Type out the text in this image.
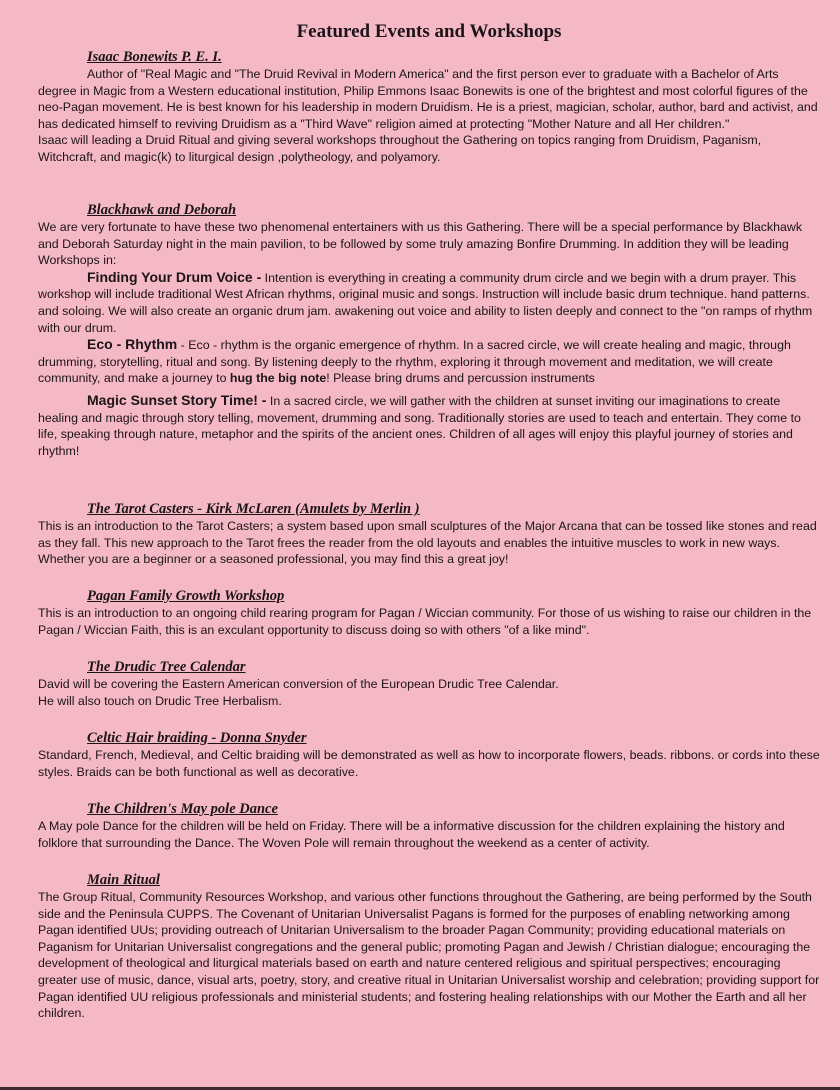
Featured Events and Workshops
Isaac Bonewits P. E. I.

Author of "Real Magic and "The Druid Revival in Modern America" and the first person ever to graduate with a Bachelor of Arts degree in Magic from a Western educational institution, Philip Emmons Isaac Bonewits is one of the brightest and most colorful figures of the neo-Pagan movement. He is best known for his leadership in modern Druidism. He is a priest, magician, scholar, author, bard and activist, and has dedicated himself to reviving Druidism as a "Third Wave" religion aimed at protecting "Mother Nature and all Her children."

Isaac will leading a Druid Ritual and giving several workshops throughout the Gathering on topics ranging from Druidism, Paganism, Witchcraft, and magic(k) to liturgical design ,polytheology, and polyamory.

Blackhawk and Deborah

We are very fortunate to have these two phenomenal entertainers with us this Gathering. There will be a special performance by Blackhawk and Deborah Saturday night in the main pavilion, to be followed by some truly amazing Bonfire Drumming. In addition they will be leading Workshops in:

Finding Your Drum Voice - Intention is everything in creating a community drum circle and we begin with a drum prayer. This workshop will include traditional West African rhythms, original music and songs. Instruction will include basic drum technique. hand patterns. and soloing. We will also create an organic drum jam. awakening out voice and ability to listen deeply and connect to the "on ramps of rhythm with our drum.

Eco - Rhythm - Eco - rhythm is the organic emergence of rhythm. In a sacred circle, we will create healing and magic, through drumming, storytelling, ritual and song. By listening deeply to the rhythm, exploring it through movement and meditation, we will create community, and make a journey to hug the big note! Please bring drums and percussion instruments

Magic Sunset Story Time! - In a sacred circle, we will gather with the children at sunset inviting our imaginations to create healing and magic through story telling, movement, drumming and song. Traditionally stories are used to teach and entertain. They come to life, speaking through nature, metaphor and the spirits of the ancient ones. Children of all ages will enjoy this playful journey of stories and rhythm!

The Tarot Casters - Kirk McLaren (Amulets by Merlin )

This is an introduction to the Tarot Casters; a system based upon small sculptures of the Major Arcana that can be tossed like stones and read as they fall. This new approach to the Tarot frees the reader from the old layouts and enables the intuitive muscles to work in new ways. Whether you are a beginner or a seasoned professional, you may find this a great joy!

Pagan Family Growth Workshop

This is an introduction to an ongoing child rearing program for Pagan / Wiccian community. For those of us wishing to raise our children in the Pagan / Wiccian Faith, this is an exculant opportunity to discuss doing so with others "of a like mind".

The Drudic Tree Calendar

David will be covering the Eastern American conversion of the European Drudic Tree Calendar.

He will also touch on Drudic Tree Herbalism.

Celtic Hair braiding - Donna Snyder

Standard, French, Medieval, and Celtic braiding will be demonstrated as well as how to incorporate flowers, beads. ribbons. or cords into these styles. Braids can be both functional as well as decorative.

The Children's May pole Dance

A May pole Dance for the children will be held on Friday. There will be a informative discussion for the children explaining the history and folklore that surrounding the Dance. The Woven Pole will remain throughout the weekend as a center of activity.

Main Ritual

The Group Ritual, Community Resources Workshop, and various other functions throughout the Gathering, are being performed by the South side and the Peninsula CUPPS. The Covenant of Unitarian Universalist Pagans is formed for the purposes of enabling networking among Pagan identified UUs; providing outreach of Unitarian Universalism to the broader Pagan Community; providing educational materials on Paganism for Unitarian Universalist congregations and the general public; promoting Pagan and Jewish / Christian dialogue; encouraging the development of theological and liturgical materials based on earth and nature centered religious and spiritual perspectives; encouraging greater use of music, dance, visual arts, poetry, story, and creative ritual in Unitarian Universalist worship and celebration; providing support for Pagan identified UU religious professionals and ministerial students; and fostering healing relationships with our Mother the Earth and all her children.
